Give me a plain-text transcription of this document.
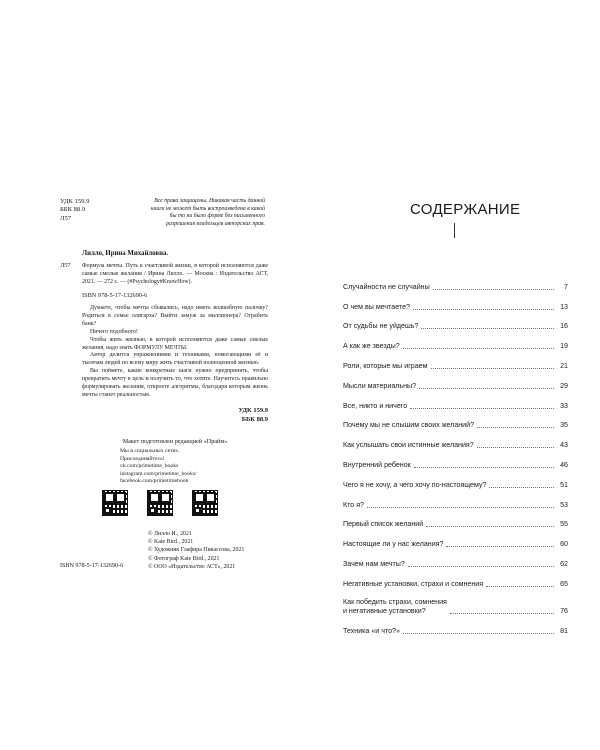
УДК 159.9
ББК 88.9
Л57
Все права защищены. Никакая часть данной книги не может быть воспроизведена в какой бы то ни было форме без письменного разрешения владельцев авторских прав.
Лилло, Ирина Михайловна.
Л57 Формула мечты. Путь к счастливой жизни, в которой исполняются даже самые смелые желания / Ирина Лилло. — Москва : Издательство АСТ, 2021. — 272 с. — (#Psychology#KnowHow).
ISBN 978-5-17-132690-6

Думаете, чтобы мечты сбывались, надо иметь волшебную палочку? Родиться в семье олигарха? Выйти замуж за миллионера? Ограбить банк?

Ничего подобного!

Чтобы жить жизнью, в которой исполняются даже самые смелые желания, надо знать ФОРМУЛУ МЕЧТЫ.

Автор делится упражнениями и техниками, помогающими её и тысячам людей по всему миру жить счастливой полноценной жизнью.

Вы поймете, какие конкретные шаги нужно предпринять, чтобы превратить мечту в цель и получить то, что хотите. Научитесь правильно формулировать желания, откроете алгоритмы, благодаря которым жизнь мечты станет реальностью.

УДК 159.9
ББК 88.9
Макет подготовлен редакцией «Прайм»
Мы в социальных сетях.
Присоединяйтесь!
vk.com/primetime_books
instagram.com/primetime_books/
facebook.com/primetimebook
© Лилло И., 2021
© Kate Bird., 2021
© Художник Глафира Пикассова, 2021
© Фотограф Kate Bird., 2021
© ООО «Издательство АСТ», 2021
ISBN 978-5-17-132690-6
СОДЕРЖАНИЕ
Случайности не случайны	7
О чем вы мечтаете?	13
От судьбы не уйдешь?	16
А как же звезды?	19
Роли, которые мы играем	21
Мысли материальны?	29
Все, никто и ничего	33
Почему мы не слышим своих желаний?	35
Как услышать свои истинные желания?	43
Внутренний ребенок	46
Чего я не хочу, а чего хочу по-настоящему?	51
Кто я?	53
Первый список желаний	55
Настоящие ли у нас желания?	60
Зачем нам мечты?	62
Негативные установки, страхи и сомнения	65
Как победить страхи, сомнения
и негативные установки?	76
Техника «и что?»	81
